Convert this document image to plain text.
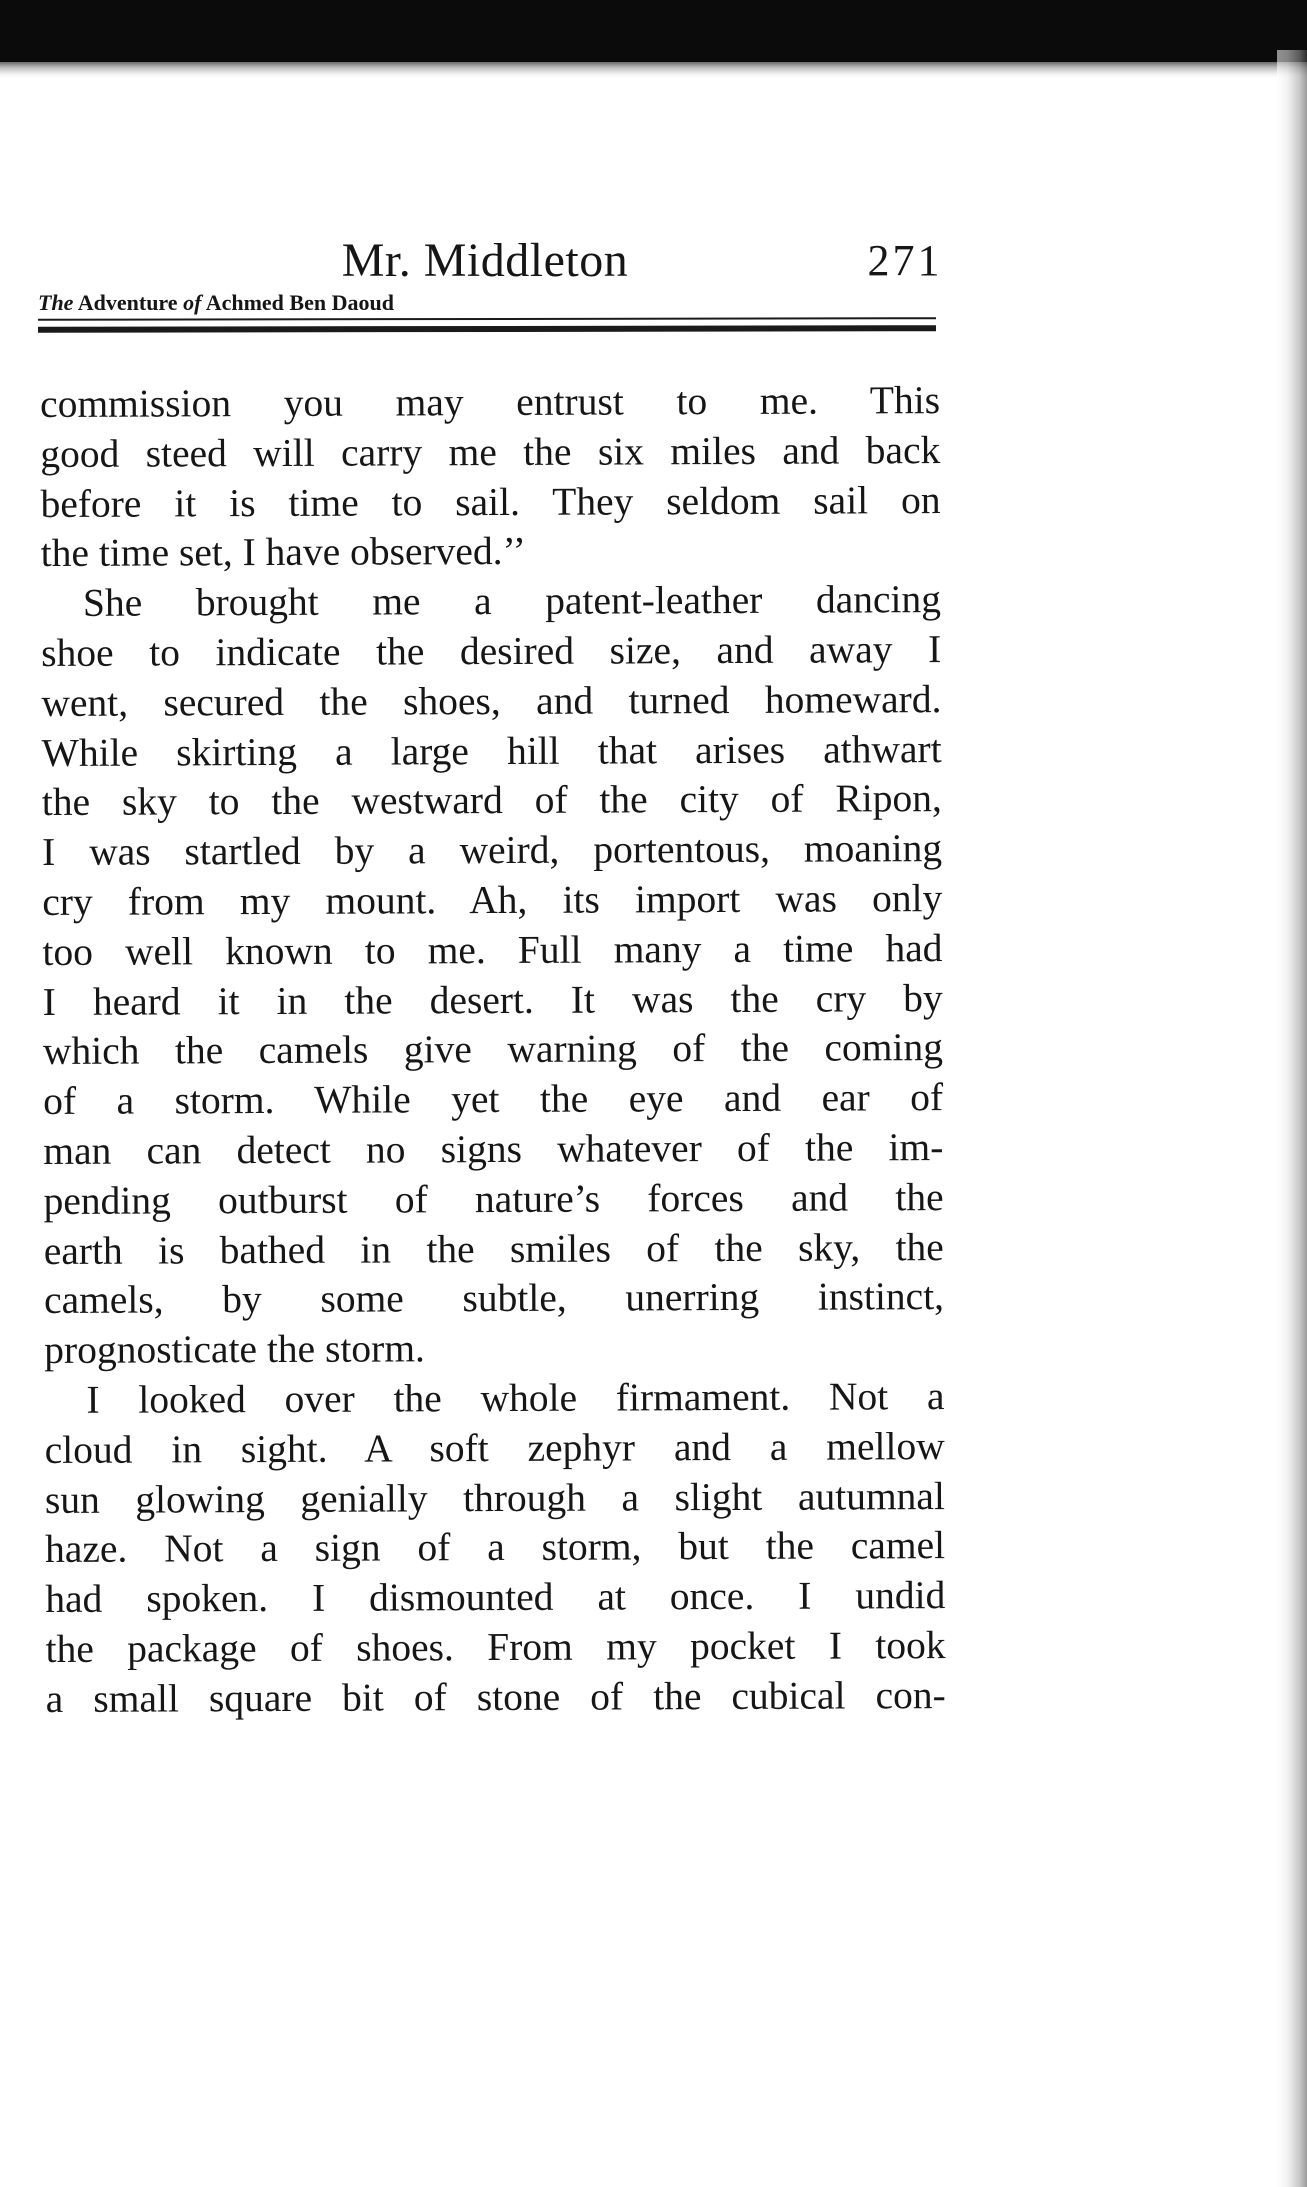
Mr. Middleton	271
The Adventure of Achmed Ben Daoud
commission you may entrust to me. This
good steed will carry me the six miles and back
before it is time to sail. They seldom sail on
the time set, I have observed.’’
She brought me a patent-leather dancing
shoe to indicate the desired size, and away I
went, secured the shoes, and turned homeward.
While skirting a large hill that arises athwart
the sky to the westward of the city of Ripon,
I was startled by a weird, portentous, moaning
cry from my mount. Ah, its import was only
too well known to me. Full many a time had
I heard it in the desert. It was the cry by
which the camels give warning of the coming
of a storm. While yet the eye and ear of
man can detect no signs whatever of the im-
pending outburst of nature’s forces and the
earth is bathed in the smiles of the sky, the
camels, by some subtle, unerring instinct,
prognosticate the storm.
I looked over the whole firmament. Not a
cloud in sight. A soft zephyr and a mellow
sun glowing genially through a slight autumnal
haze. Not a sign of a storm, but the camel
had spoken. I dismounted at once. I undid
the package of shoes. From my pocket I took
a small square bit of stone of the cubical con-
